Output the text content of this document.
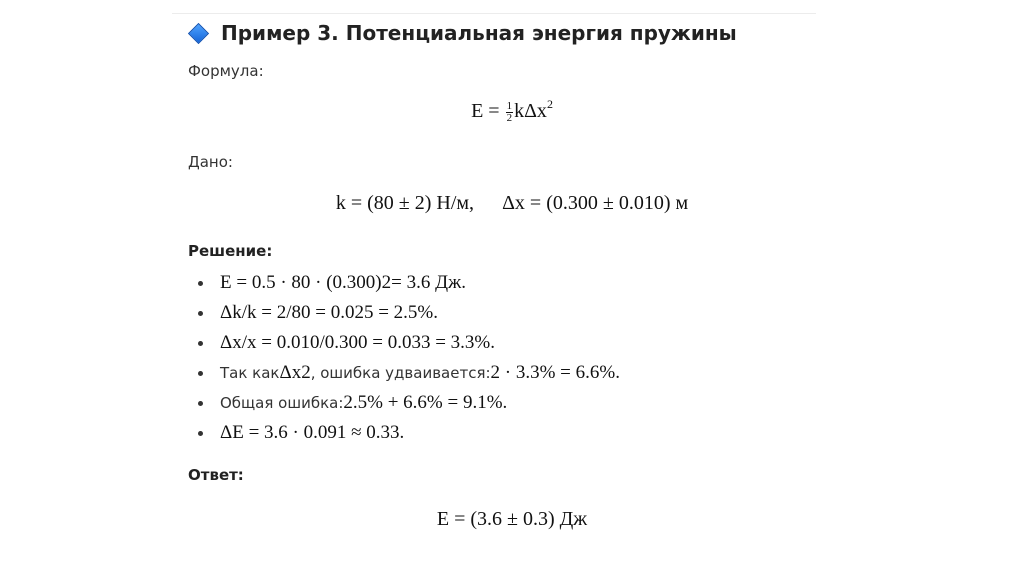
Пример 3. Потенциальная энергия пружины
Формула:
$E = \frac{1}{2} k\Delta x^2$
Дано:
k = (80 ± 2) Н/м, Δx = (0.300 ± 0.010) м
Решение:
E = 0.5 · 80 · (0.300) 2 = 3.6 Дж.
Δk/k = 2/80 = 0.025 = 2.5%.
Δx/x = 0.010/0.300 = 0.033 = 3.3%.
Так как Δx 2 , ошибка удваивается: 2 · 3.3% = 6.6%.
Общая ошибка: 2.5% + 6.6% = 9.1%.
ΔE = 3.6 · 0.091 ≈ 0.33.
Ответ:
E = (3.6 ± 0.3) Дж
